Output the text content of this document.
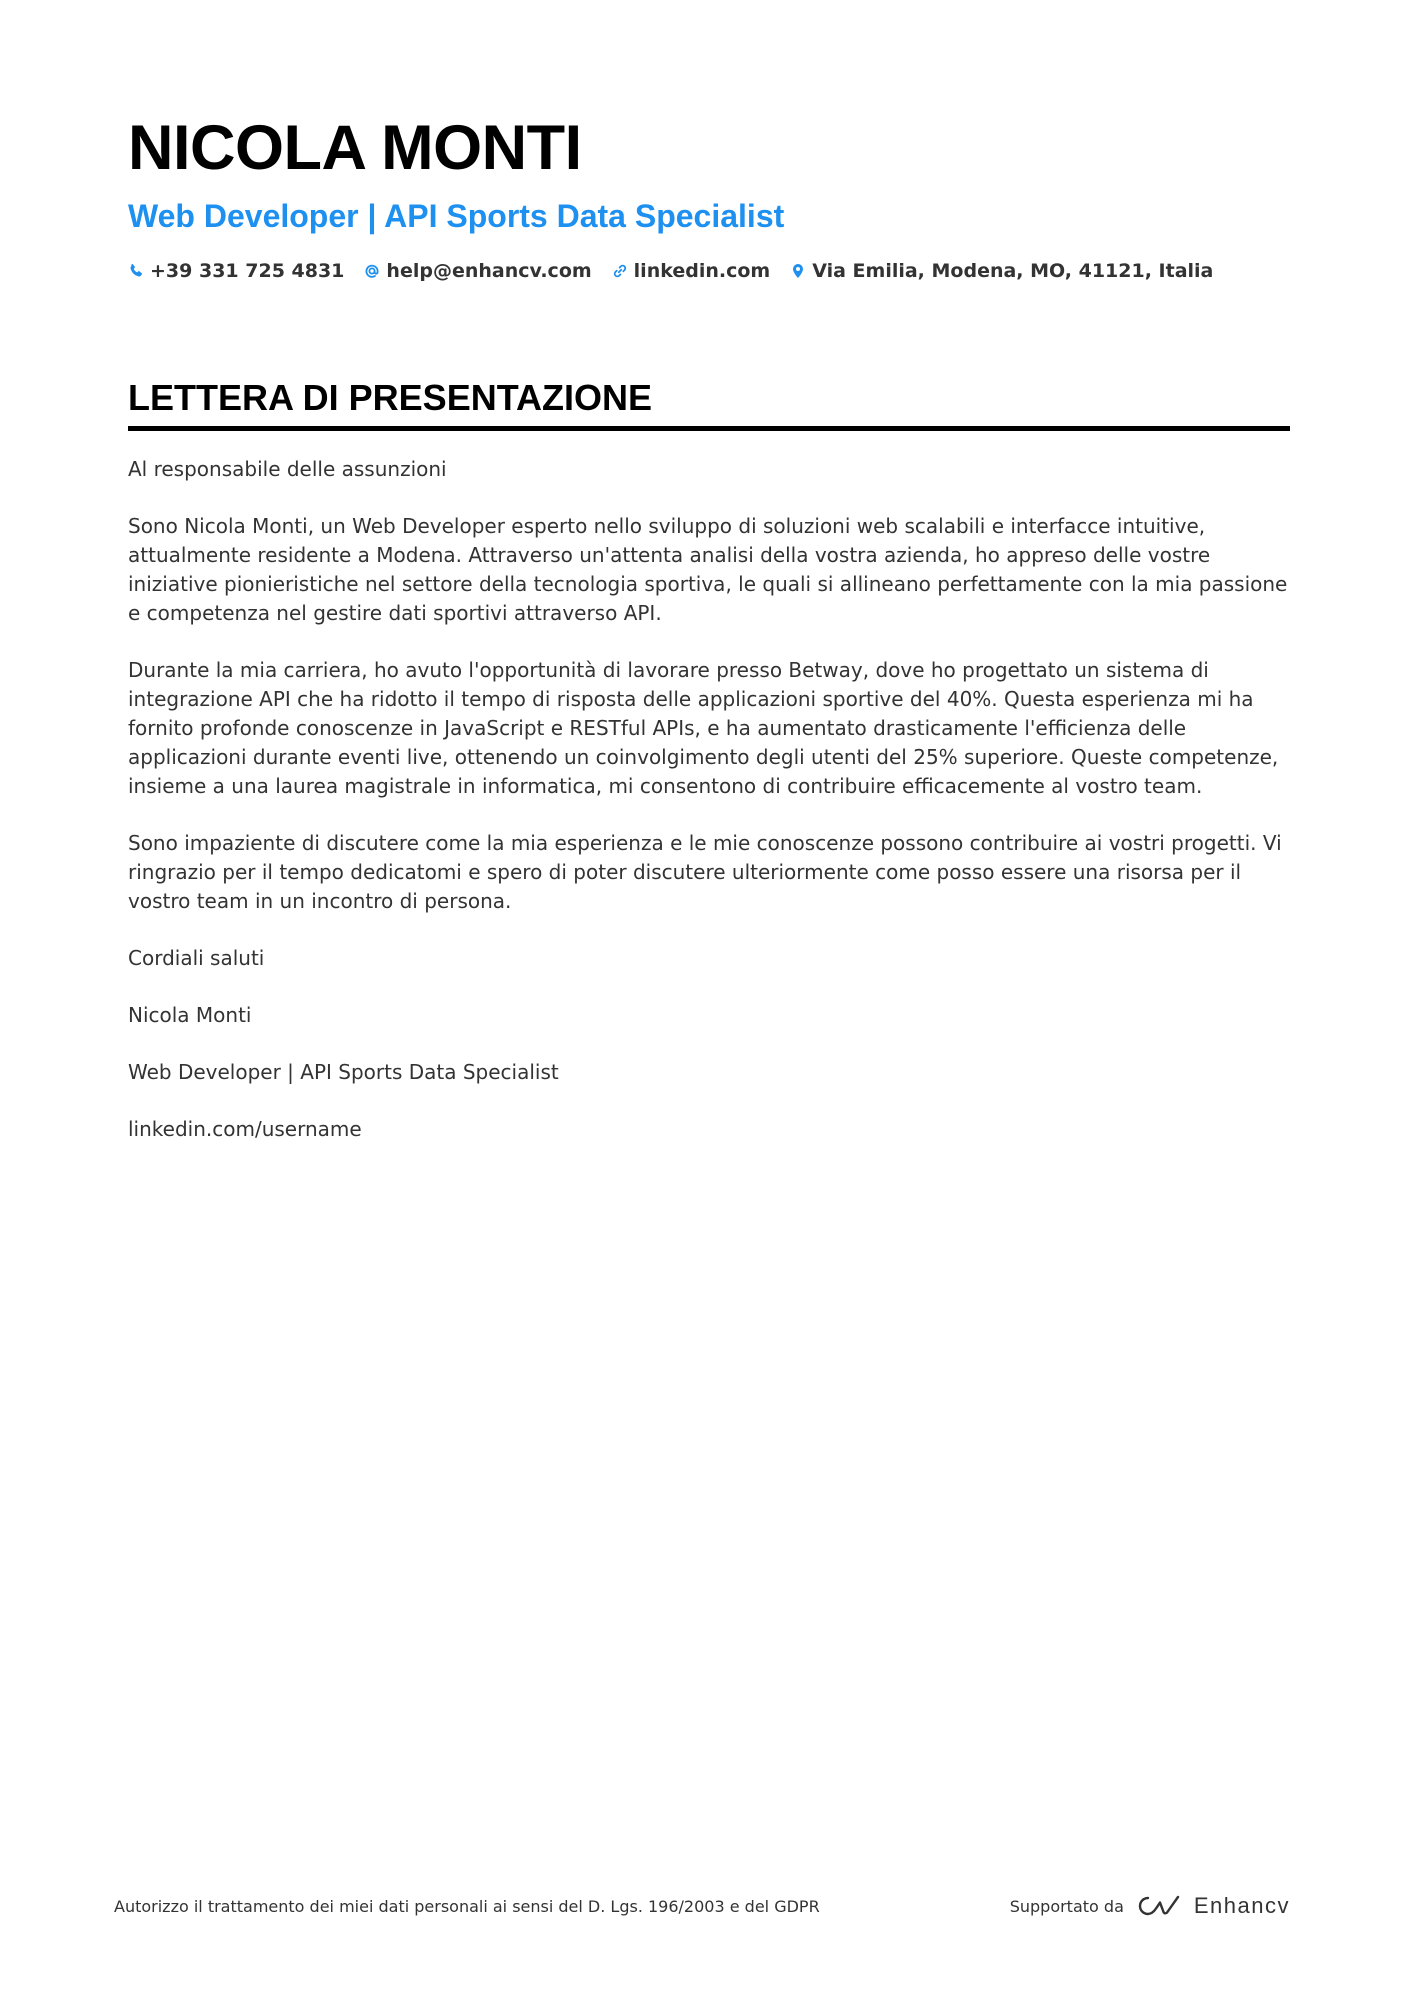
NICOLA MONTI
Web Developer | API Sports Data Specialist
+39 331 725 4831 help@enhancv.com linkedin.com Via Emilia, Modena, MO, 41121, Italia
LETTERA DI PRESENTAZIONE

Al responsabile delle assunzioni

Sono Nicola Monti, un Web Developer esperto nello sviluppo di soluzioni web scalabili e interfacce intuitive, attualmente residente a Modena. Attraverso un'attenta analisi della vostra azienda, ho appreso delle vostre iniziative pionieristiche nel settore della tecnologia sportiva, le quali si allineano perfettamente con la mia passione e competenza nel gestire dati sportivi attraverso API.

Durante la mia carriera, ho avuto l'opportunità di lavorare presso Betway, dove ho progettato un sistema di integrazione API che ha ridotto il tempo di risposta delle applicazioni sportive del 40%. Questa esperienza mi ha fornito profonde conoscenze in JavaScript e RESTful APIs, e ha aumentato drasticamente l'efficienza delle applicazioni durante eventi live, ottenendo un coinvolgimento degli utenti del 25% superiore. Queste competenze, insieme a una laurea magistrale in informatica, mi consentono di contribuire efficacemente al vostro team.

Sono impaziente di discutere come la mia esperienza e le mie conoscenze possono contribuire ai vostri progetti. Vi ringrazio per il tempo dedicatomi e spero di poter discutere ulteriormente come posso essere una risorsa per il vostro team in un incontro di persona.

Cordiali saluti

Nicola Monti

Web Developer | API Sports Data Specialist

linkedin.com/username

Autorizzo il trattamento dei miei dati personali ai sensi del D. Lgs. 196/2003 e del GDPR	Supportato da	Enhancv
